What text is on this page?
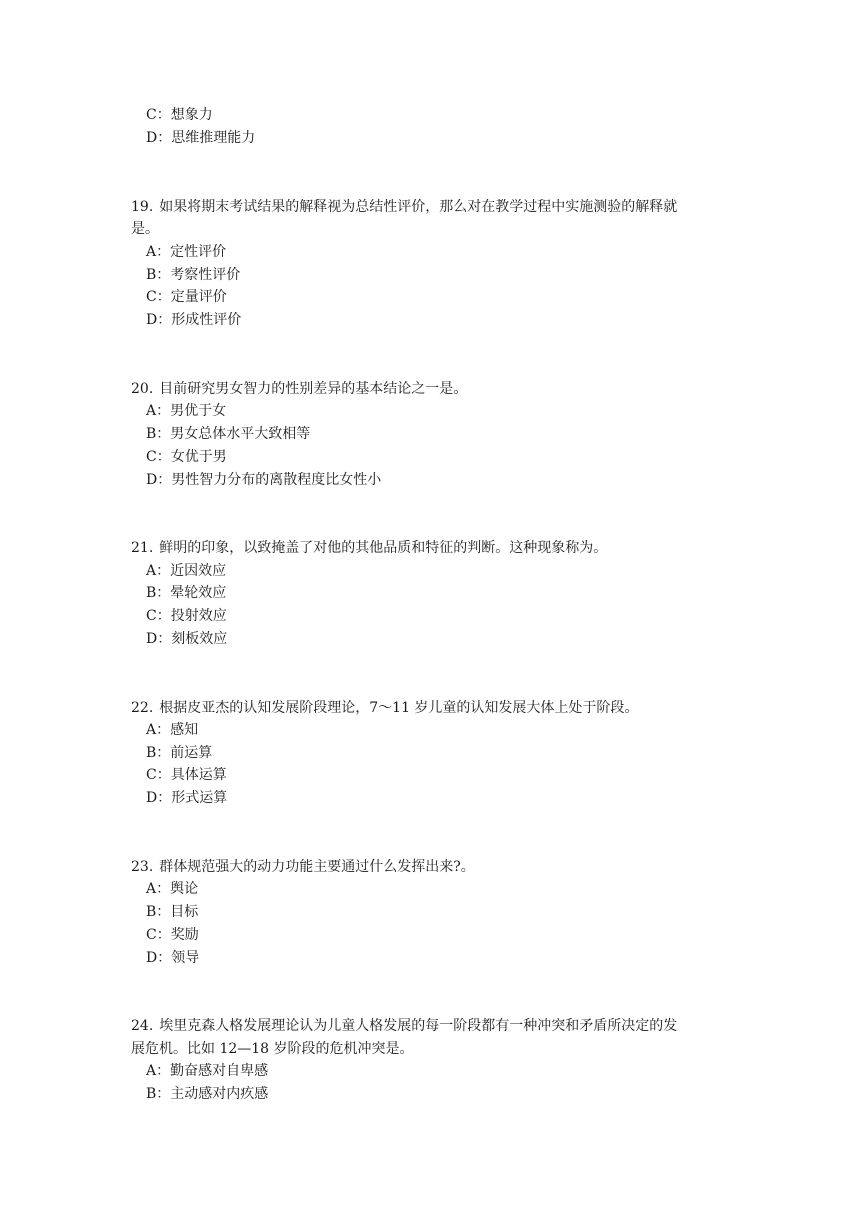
C：想象力
D：思维推理能力
19. 如果将期末考试结果的解释视为总结性评价，那么对在教学过程中实施测验的解释就
是。
A：定性评价
B：考察性评价
C：定量评价
D：形成性评价
20. 目前研究男女智力的性别差异的基本结论之一是。
A：男优于女
B：男女总体水平大致相等
C：女优于男
D：男性智力分布的离散程度比女性小
21. 鲜明的印象，以致掩盖了对他的其他品质和特征的判断。这种现象称为。
A：近因效应
B：晕轮效应
C：投射效应
D：刻板效应
22. 根据皮亚杰的认知发展阶段理论，7～11 岁儿童的认知发展大体上处于阶段。
A：感知
B：前运算
C：具体运算
D：形式运算
23. 群体规范强大的动力功能主要通过什么发挥出来?。
A：舆论
B：目标
C：奖励
D：领导
24. 埃里克森人格发展理论认为儿童人格发展的每一阶段都有一种冲突和矛盾所决定的发
展危机。比如 12—18 岁阶段的危机冲突是。
A：勤奋感对自卑感
B：主动感对内疚感
